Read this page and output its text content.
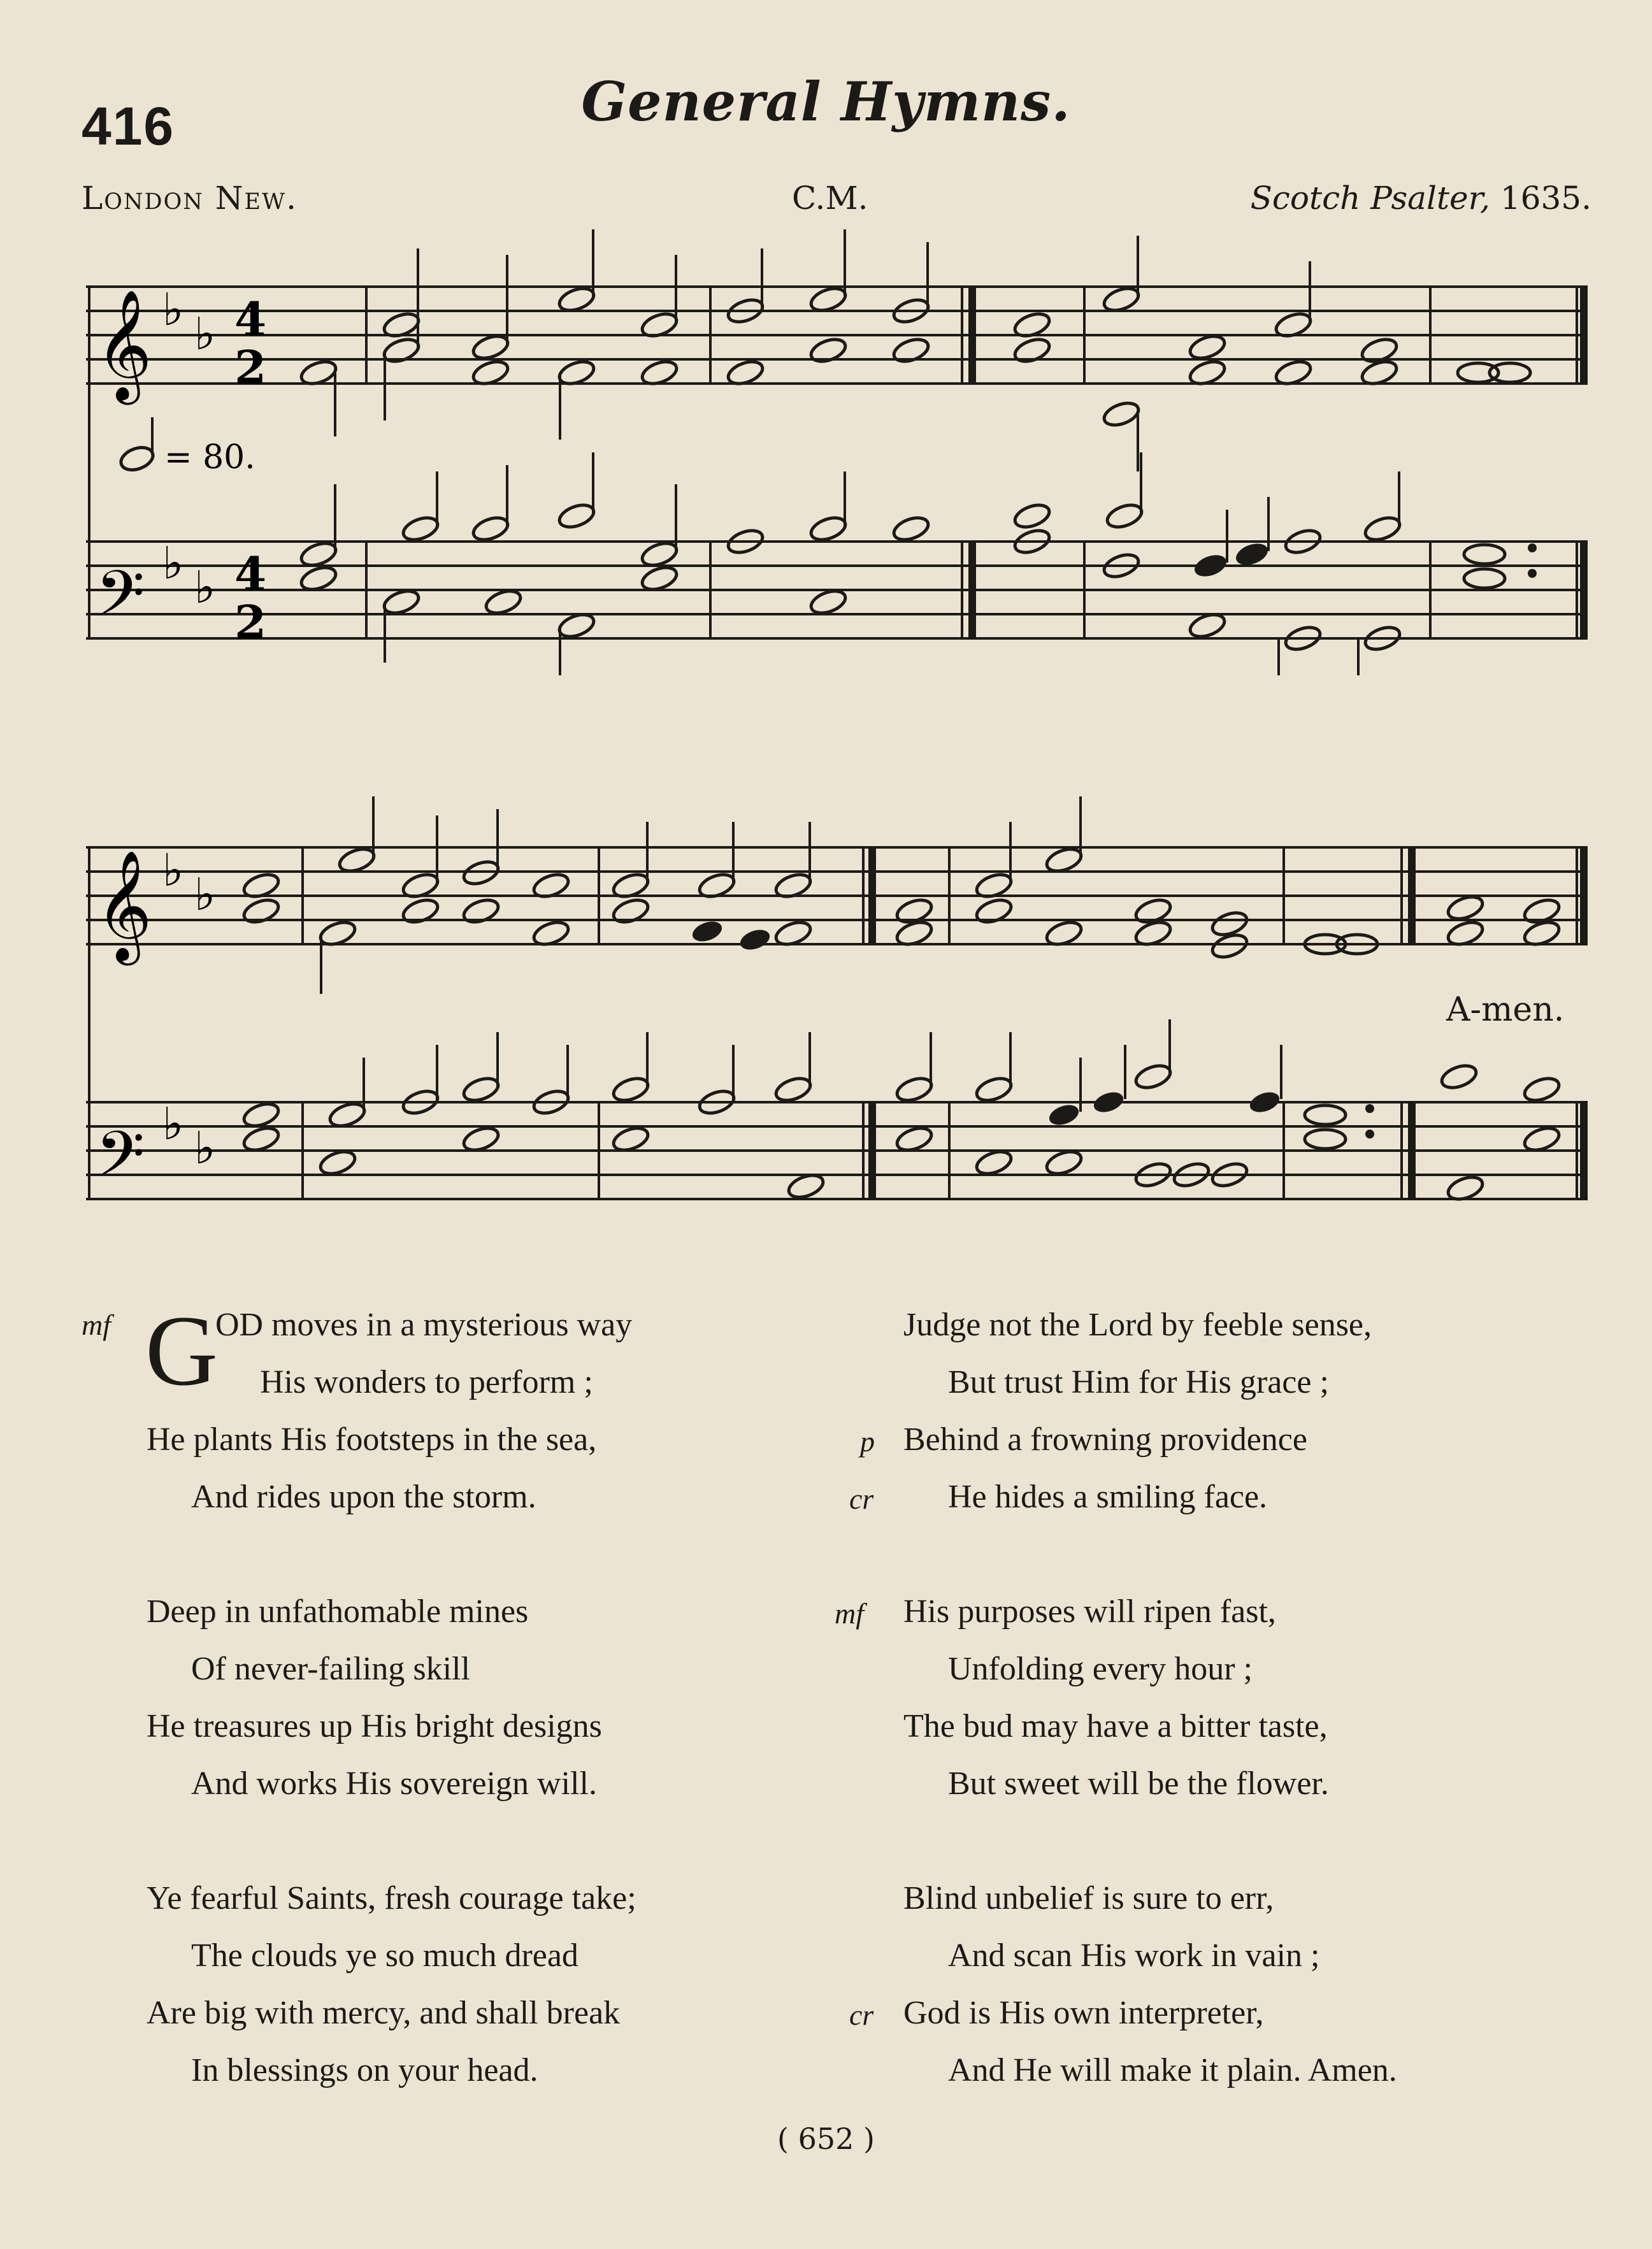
416	General Hymns.
London New.	C.M.	Scotch Psalter, 1635.
𝄞
𝄢
♭ ♭
♭ ♭
4
2
4
2
= 80.
𝄞
𝄢
♭ ♭
♭ ♭
A-men.
mf G
OD moves in a mysterious way
His wonders to perform ;
He plants His footsteps in the sea,
And rides upon the storm.
Deep in unfathomable mines
Of never-failing skill
He treasures up His bright designs
And works His sovereign will.
Ye fearful Saints, fresh courage take;
The clouds ye so much dread
Are big with mercy, and shall break	cr
In blessings on your head.
Judge not the Lord by feeble sense,
But trust Him for His grace ;
p Behind a frowning providence
cr He hides a smiling face.
mf His purposes will ripen fast,
Unfolding every hour ;
The bud may have a bitter taste,
But sweet will be the flower.
Blind unbelief is sure to err,
And scan His work in vain ;
God is His own interpreter,
And He will make it plain. Amen.
( 652 )
